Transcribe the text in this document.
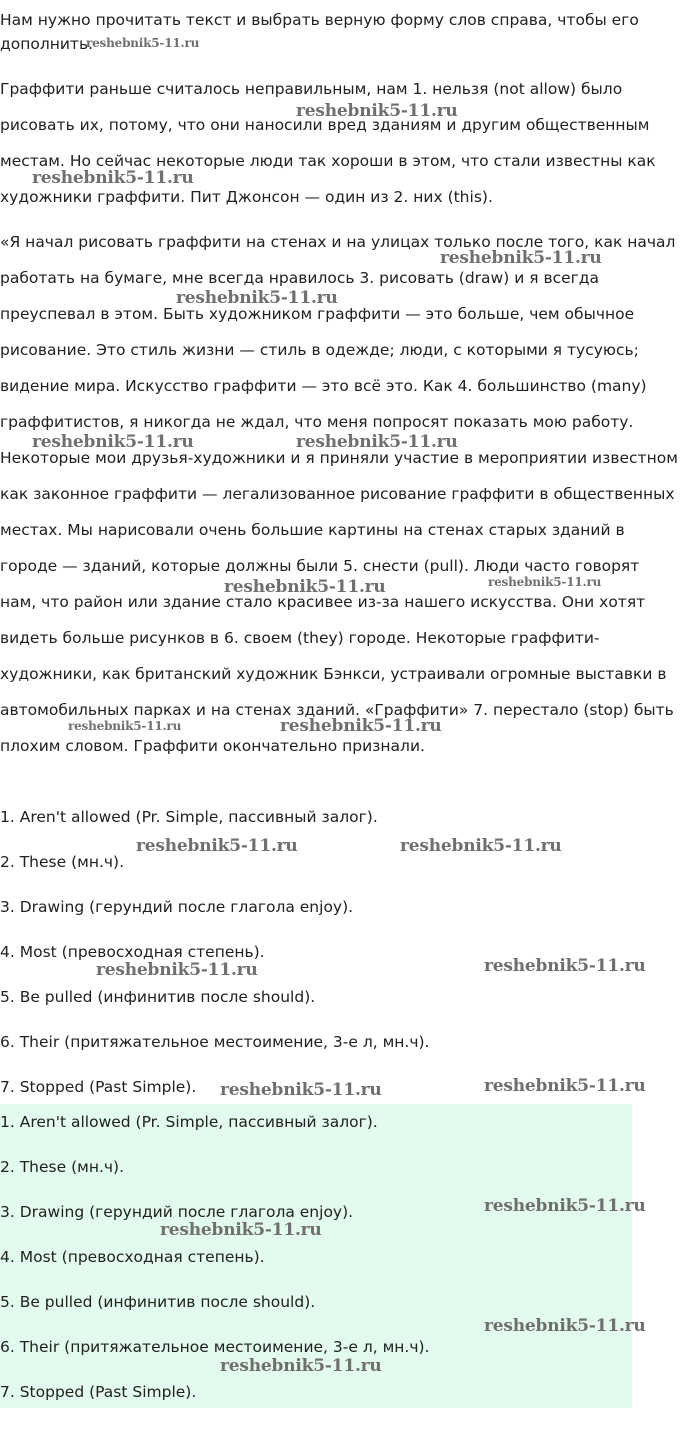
Нам нужно прочитать текст и выбрать верную форму слов справа, чтобы его дополнить.

Граффити раньше считалось неправильным, нам 1. нельзя (not allow) было рисовать их, потому, что они наносили вред зданиям и другим общественным местам. Но сейчас некоторые люди так хороши в этом, что стали известны как художники граффити. Пит Джонсон — один из 2. них (this).

«Я начал рисовать граффити на стенах и на улицах только после того, как начал работать на бумаге, мне всегда нравилось 3. рисовать (draw) и я всегда преуспевал в этом. Быть художником граффити — это больше, чем обычное рисование. Это стиль жизни — стиль в одежде; люди, с которыми я тусуюсь; видение мира. Искусство граффити — это всё это. Как 4. большинство (many) граффитистов, я никогда не ждал, что меня попросят показать мою работу. Некоторые мои друзья-художники и я приняли участие в мероприятии известном как законное граффити — легализованное рисование граффити в общественных местах. Мы нарисовали очень большие картины на стенах старых зданий в городе — зданий, которые должны были 5. снести (pull). Люди часто говорят нам, что район или здание стало красивее из-за нашего искусства. Они хотят видеть больше рисунков в 6. своем (they) городе. Некоторые граффити-художники, как британский художник Бэнкси, устраивали огромные выставки в автомобильных парках и на стенах зданий. «Граффити» 7. перестало (stop) быть плохим словом. Граффити окончательно признали.

1. Aren't allowed (Pr. Simple, пассивный залог).

2. These (мн.ч).

3. Drawing (герундий после глагола enjoy).

4. Most (превосходная степень).

5. Be pulled (инфинитив после should).

6. Their (притяжательное местоимение, 3-е л, мн.ч).

7. Stopped (Past Simple).

1. Aren't allowed (Pr. Simple, пассивный залог).

2. These (мн.ч).

3. Drawing (герундий после глагола enjoy).

4. Most (превосходная степень).

5. Be pulled (инфинитив после should).

6. Their (притяжательное местоимение, 3-е л, мн.ч).

7. Stopped (Past Simple).

reshebnik5-11.ru
reshebnik5-11.ru
reshebnik5-11.ru
reshebnik5-11.ru
reshebnik5-11.ru
reshebnik5-11.ru	reshebnik5-11.ru
reshebnik5-11.ru	reshebnik5-11.ru
reshebnik5-11.ru	reshebnik5-11.ru
reshebnik5-11.ru	reshebnik5-11.ru
reshebnik5-11.ru	reshebnik5-11.ru
reshebnik5-11.ru	reshebnik5-11.ru
reshebnik5-11.ru
reshebnik5-11.ru
reshebnik5-11.ru
reshebnik5-11.ru
